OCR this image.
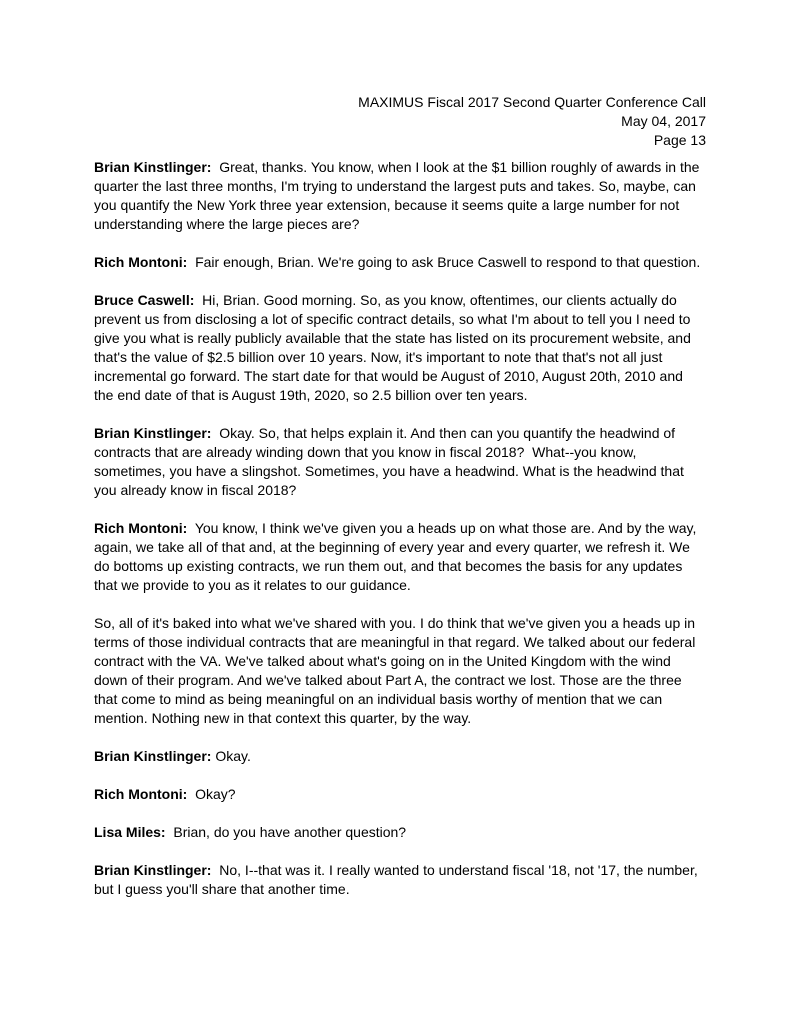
MAXIMUS Fiscal 2017 Second Quarter Conference Call
May 04, 2017
Page 13

Brian Kinstlinger:  Great, thanks. You know, when I look at the $1 billion roughly of awards in the quarter the last three months, I'm trying to understand the largest puts and takes. So, maybe, can you quantify the New York three year extension, because it seems quite a large number for not understanding where the large pieces are?

Rich Montoni:  Fair enough, Brian. We're going to ask Bruce Caswell to respond to that question.

Bruce Caswell:  Hi, Brian. Good morning. So, as you know, oftentimes, our clients actually do prevent us from disclosing a lot of specific contract details, so what I'm about to tell you I need to give you what is really publicly available that the state has listed on its procurement website, and that's the value of $2.5 billion over 10 years. Now, it's important to note that that's not all just incremental go forward. The start date for that would be August of 2010, August 20th, 2010 and the end date of that is August 19th, 2020, so 2.5 billion over ten years.

Brian Kinstlinger:  Okay. So, that helps explain it. And then can you quantify the headwind of contracts that are already winding down that you know in fiscal 2018?  What--you know, sometimes, you have a slingshot. Sometimes, you have a headwind. What is the headwind that you already know in fiscal 2018?

Rich Montoni:  You know, I think we've given you a heads up on what those are. And by the way, again, we take all of that and, at the beginning of every year and every quarter, we refresh it. We do bottoms up existing contracts, we run them out, and that becomes the basis for any updates that we provide to you as it relates to our guidance.

So, all of it's baked into what we've shared with you. I do think that we've given you a heads up in terms of those individual contracts that are meaningful in that regard. We talked about our federal contract with the VA. We've talked about what's going on in the United Kingdom with the wind down of their program. And we've talked about Part A, the contract we lost. Those are the three that come to mind as being meaningful on an individual basis worthy of mention that we can mention. Nothing new in that context this quarter, by the way.

Brian Kinstlinger: Okay.

Rich Montoni:  Okay?

Lisa Miles:  Brian, do you have another question?

Brian Kinstlinger:  No, I--that was it. I really wanted to understand fiscal '18, not '17, the number, but I guess you'll share that another time.
